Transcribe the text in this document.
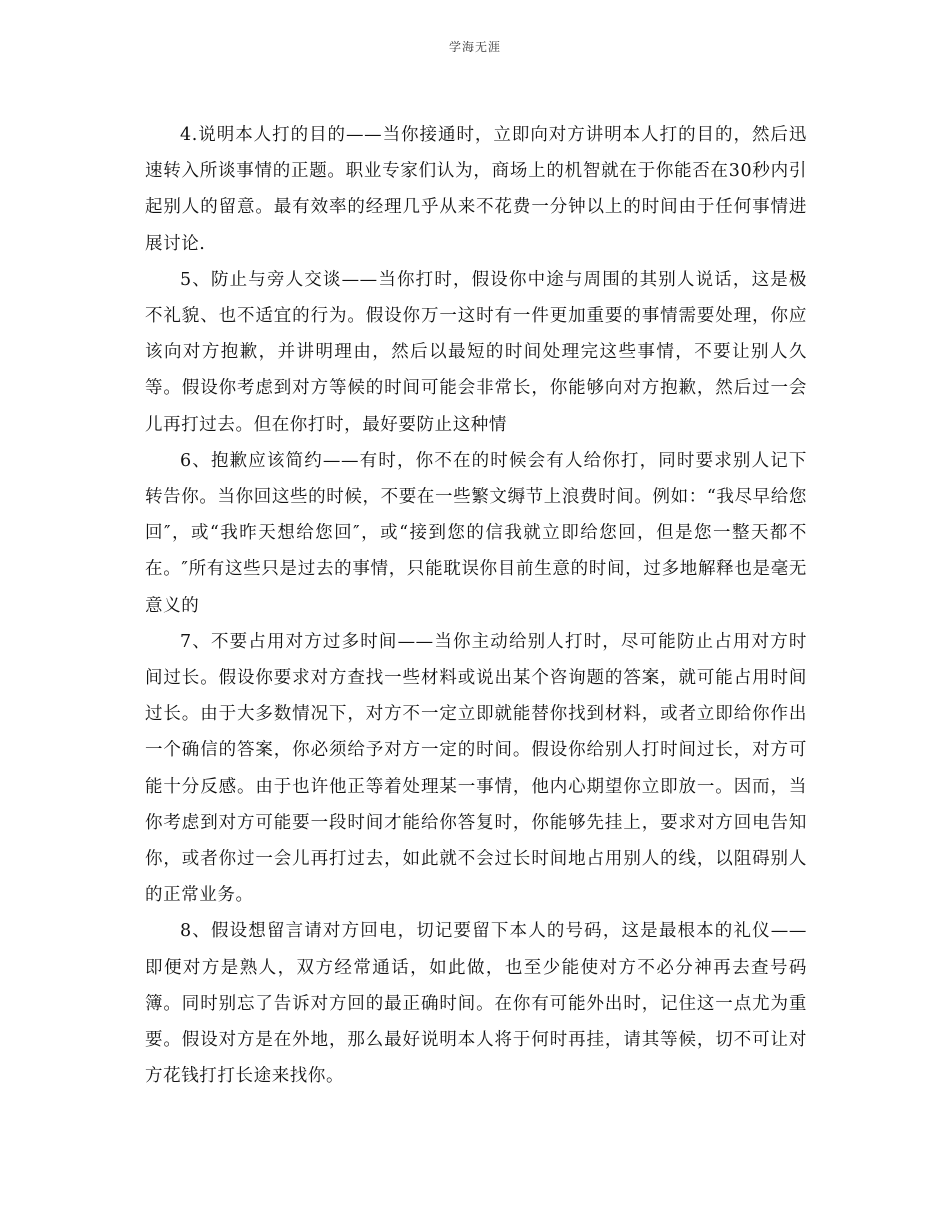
学海无涯

4.说明本人打的目的——当你接通时，立即向对方讲明本人打的目的，然后迅速转入所谈事情的正题。职业专家们认为，商场上的机智就在于你能否在30秒内引起别人的留意。最有效率的经理几乎从来不花费一分钟以上的时间由于任何事情进展讨论.

5、防止与旁人交谈——当你打时，假设你中途与周围的其别人说话，这是极不礼貌、也不适宜的行为。假设你万一这时有一件更加重要的事情需要处理，你应该向对方抱歉，并讲明理由，然后以最短的时间处理完这些事情，不要让别人久等。假设你考虑到对方等候的时间可能会非常长，你能够向对方抱歉，然后过一会儿再打过去。但在你打时，最好要防止这种情

6、抱歉应该简约——有时，你不在的时候会有人给你打，同时要求别人记下转告你。当你回这些的时候，不要在一些繁文缛节上浪费时间。例如：“我尽早给您回″，或“我昨天想给您回″，或“接到您的信我就立即给您回，但是您一整天都不在。″所有这些只是过去的事情，只能耽误你目前生意的时间，过多地解释也是毫无意义的

7、不要占用对方过多时间——当你主动给别人打时，尽可能防止占用对方时间过长。假设你要求对方查找一些材料或说出某个咨询题的答案，就可能占用时间过长。由于大多数情况下，对方不一定立即就能替你找到材料，或者立即给你作出一个确信的答案，你必须给予对方一定的时间。假设你给别人打时间过长，对方可能十分反感。由于也许他正等着处理某一事情，他内心期望你立即放一。因而，当你考虑到对方可能要一段时间才能给你答复时，你能够先挂上，要求对方回电告知你，或者你过一会儿再打过去，如此就不会过长时间地占用别人的线，以阻碍别人的正常业务。

8、假设想留言请对方回电，切记要留下本人的号码，这是最根本的礼仪——即便对方是熟人，双方经常通话，如此做，也至少能使对方不必分神再去查号码簿。同时别忘了告诉对方回的最正确时间。在你有可能外出时，记住这一点尤为重要。假设对方是在外地，那么最好说明本人将于何时再挂，请其等候，切不可让对方花钱打打长途来找你。
